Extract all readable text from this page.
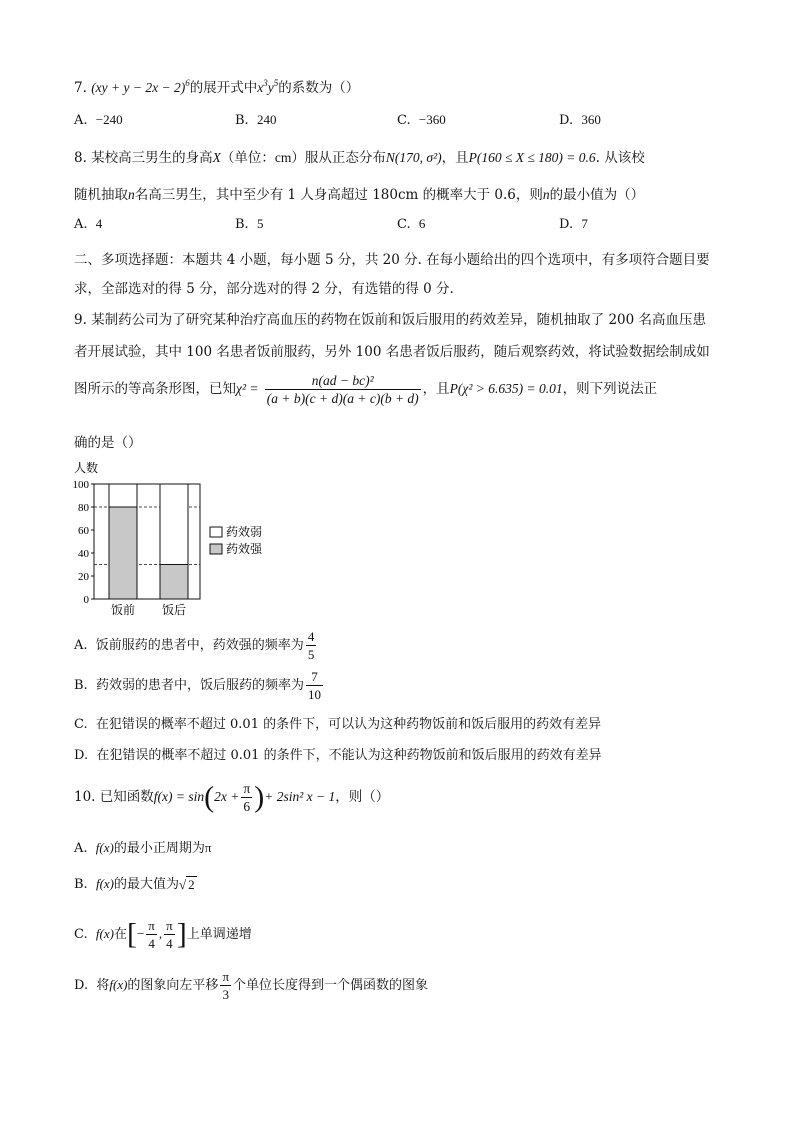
7. (xy + y − 2x − 2)$^6$的展开式中$x^3y^5$的系数为（）
A. −240	B. 240	C. −360	D. 360
8. 某校高三男生的身高X（单位：cm）服从正态分布N(170, σ²)，且P(160 ≤ X ≤ 180) = 0.6. 从该校
随机抽取n名高三男生，其中至少有 1 人身高超过 180cm 的概率大于 0.6，则n的最小值为（）
A. 4	B. 5	C. 6	D. 7
二、多项选择题：本题共 4 小题，每小题 5 分，共 20 分. 在每小题给出的四个选项中，有多项符合题目要
求，全部选对的得 5 分，部分选对的得 2 分，有选错的得 0 分.
9. 某制药公司为了研究某种治疗高血压的药物在饭前和饭后服用的药效差异，随机抽取了 200 名高血压患
者开展试验，其中 100 名患者饭前服药，另外 100 名患者饭后服药，随后观察药效，将试验数据绘制成如
图所示的等高条形图，已知$\chi^2 = \frac{\text{n(ad − bc)²}}{(a + b)(c + d)(a + c)(b + d)}$ ，且P(χ² > 6.635) = 0.01，则下列说法正
确的是（）
人数
0
20
40
60
80
100
饭前 饭后
药效弱
药效强
A. 饭前服药的患者中，药效强的频率为 $\frac{4}{5}$
B. 药效弱的患者中，饭后服药的频率为 $\frac{7}{10}$
C. 在犯错误的概率不超过 0.01 的条件下，可以认为这种药物饭前和饭后服用的药效有差异
D. 在犯错误的概率不超过 0.01 的条件下，不能认为这种药物饭前和饭后服用的药效有差异
10. 已知函数$f(x) = \sin(2x + \frac{\pi}{6}$ )+ 2sin² x − 1，则（）
A. f(x)的最小正周期为π
B. f(x)的最大值为√ 2
C. f(x)在[− $\frac{\pi}{4}$ , $\frac{\pi}{4}$ ]上单调递增
D. 将f(x)的图象向左平移 $\frac{\pi}{3}$ 个单位长度得到一个偶函数的图象
